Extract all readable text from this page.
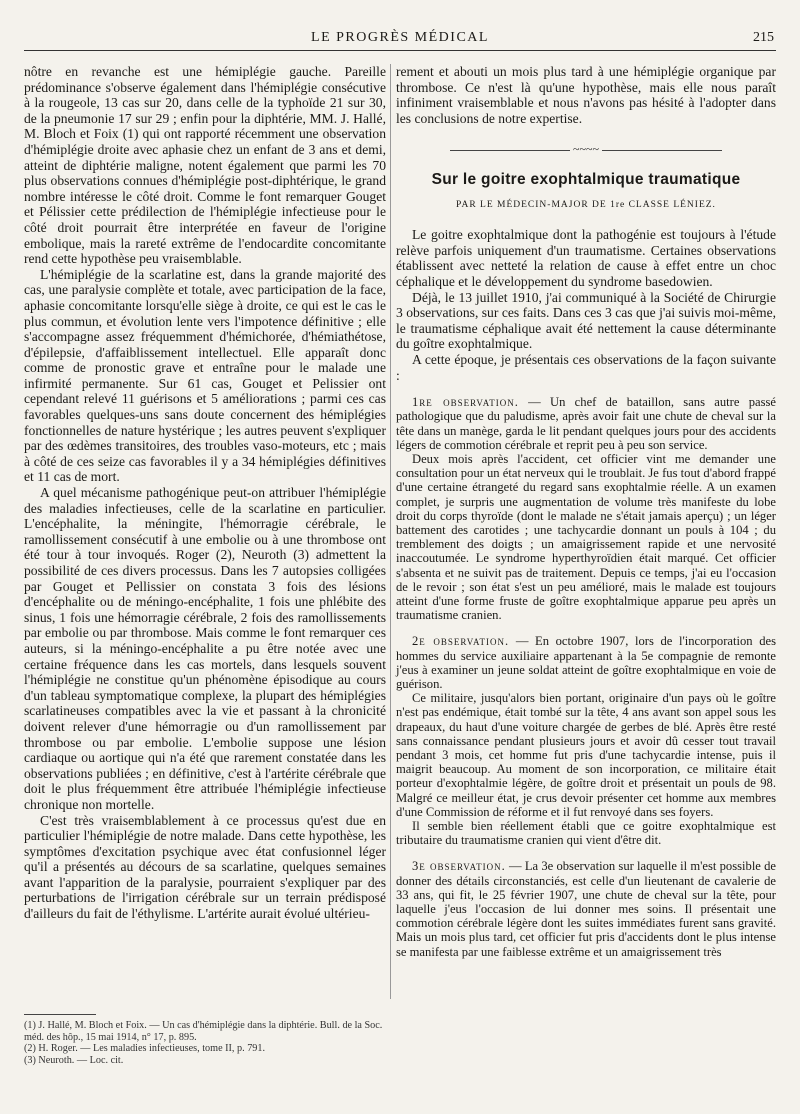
LE PROGRÈS MÉDICAL	215

nôtre en revanche est une hémiplégie gauche. Pareille prédominance s'observe également dans l'hémiplégie consécutive à la rougeole, 13 cas sur 20, dans celle de la typhoïde 21 sur 30, de la pneumonie 17 sur 29 ; enfin pour la diphtérie, MM. J. Hallé, M. Bloch et Foix (1) qui ont rapporté récemment une observation d'hémiplégie droite avec aphasie chez un enfant de 3 ans et demi, atteint de diphtérie maligne, notent également que parmi les 70 plus observations connues d'hémiplégie post-diphtérique, le grand nombre intéresse le côté droit. Comme le font remarquer Gouget et Pélissier cette prédilection de l'hémiplégie infectieuse pour le côté droit pourrait être interprétée en faveur de l'origine embolique, mais la rareté extrême de l'endocardite concomitante rend cette hypothèse peu vraisemblable.

L'hémiplégie de la scarlatine est, dans la grande majorité des cas, une paralysie complète et totale, avec participation de la face, aphasie concomitante lorsqu'elle siège à droite, ce qui est le cas le plus commun, et évolution lente vers l'impotence définitive ; elle s'accompagne assez fréquemment d'hémichorée, d'hémiathétose, d'épilepsie, d'affaiblissement intellectuel. Elle apparaît donc comme de pronostic grave et entraîne pour le malade une infirmité permanente. Sur 61 cas, Gouget et Pelissier ont cependant relevé 11 guérisons et 5 améliorations ; parmi ces cas favorables quelques-uns sans doute concernent des hémiplégies fonctionnelles de nature hystérique ; les autres peuvent s'expliquer par des œdèmes transitoires, des troubles vaso-moteurs, etc ; mais à côté de ces seize cas favorables il y a 34 hémiplégies définitives et 11 cas de mort.

A quel mécanisme pathogénique peut-on attribuer l'hémiplégie des maladies infectieuses, celle de la scarlatine en particulier. L'encéphalite, la méningite, l'hémorragie cérébrale, le ramollissement consécutif à une embolie ou à une thrombose ont été tour à tour invoqués. Roger (2), Neuroth (3) admettent la possibilité de ces divers processus. Dans les 7 autopsies colligées par Gouget et Pellissier on constata 3 fois des lésions d'encéphalite ou de méningo-encéphalite, 1 fois une phlébite des sinus, 1 fois une hémorragie cérébrale, 2 fois des ramollissements par embolie ou par thrombose. Mais comme le font remarquer ces auteurs, si la méningo-encéphalite a pu être notée avec une certaine fréquence dans les cas mortels, dans lesquels souvent l'hémiplégie ne constitue qu'un phénomène épisodique au cours d'un tableau symptomatique complexe, la plupart des hémiplégies scarlatineuses compatibles avec la vie et passant à la chronicité doivent relever d'une hémorragie ou d'un ramollissement par thrombose ou par embolie. L'embolie suppose une lésion cardiaque ou aortique qui n'a été que rarement constatée dans les observations publiées ; en définitive, c'est à l'artérite cérébrale que doit le plus fréquemment être attribuée l'hémiplégie infectieuse chronique non mortelle.

C'est très vraisemblablement à ce processus qu'est due en particulier l'hémiplégie de notre malade. Dans cette hypothèse, les symptômes d'excitation psychique avec état confusionnel léger qu'il a présentés au décours de sa scarlatine, quelques semaines avant l'apparition de la paralysie, pourraient s'expliquer par des perturbations de l'irrigation cérébrale sur un terrain prédisposé d'ailleurs du fait de l'éthylisme. L'artérite aurait évolué ultérieu-

(1) J. Hallé, M. Bloch et Foix. — Un cas d'hémiplégie dans la diphtérie. Bull. de la Soc. méd. des hôp., 15 mai 1914, n° 17, p. 895.
(2) H. Roger. — Les maladies infectieuses, tome II, p. 791.
(3) Neuroth. — Loc. cit.

rement et abouti un mois plus tard à une hémiplégie organique par thrombose. Ce n'est là qu'une hypothèse, mais elle nous paraît infiniment vraisemblable et nous n'avons pas hésité à l'adopter dans les conclusions de notre expertise.

~~~~
Sur le goitre exophtalmique traumatique
PAR LE MÉDECIN-MAJOR DE 1re CLASSE LÉNIEZ.

Le goitre exophtalmique dont la pathogénie est toujours à l'étude relève parfois uniquement d'un traumatisme. Certaines observations établissent avec netteté la relation de cause à effet entre un choc céphalique et le développement du syndrome basedowien.

Déjà, le 13 juillet 1910, j'ai communiqué à la Société de Chirurgie 3 observations, sur ces faits. Dans ces 3 cas que j'ai suivis moi-même, le traumatisme céphalique avait été nettement la cause déterminante du goître exophtalmique.

A cette époque, je présentais ces observations de la façon suivante :

1re observation. — Un chef de bataillon, sans autre passé pathologique que du paludisme, après avoir fait une chute de cheval sur la tête dans un manège, garda le lit pendant quelques jours pour des accidents légers de commotion cérébrale et reprit peu à peu son service.

Deux mois après l'accident, cet officier vint me demander une consultation pour un état nerveux qui le troublait. Je fus tout d'abord frappé d'une certaine étrangeté du regard sans exophtalmie réelle. A un examen complet, je surpris une augmentation de volume très manifeste du lobe droit du corps thyroïde (dont le malade ne s'était jamais aperçu) ; un léger battement des carotides ; une tachycardie donnant un pouls à 104 ; du tremblement des doigts ; un amaigrissement rapide et une nervosité inaccoutumée. Le syndrome hyperthyroïdien était marqué. Cet officier s'absenta et ne suivit pas de traitement. Depuis ce temps, j'ai eu l'occasion de le revoir ; son état s'est un peu amélioré, mais le malade est toujours atteint d'une forme fruste de goître exophtalmique apparue peu après un traumatisme cranien.

2e observation. — En octobre 1907, lors de l'incorporation des hommes du service auxiliaire appartenant à la 5e compagnie de remonte j'eus à examiner un jeune soldat atteint de goître exophtalmique en voie de guérison.

Ce militaire, jusqu'alors bien portant, originaire d'un pays où le goître n'est pas endémique, était tombé sur la tête, 4 ans avant son appel sous les drapeaux, du haut d'une voiture chargée de gerbes de blé. Après être resté sans connaissance pendant plusieurs jours et avoir dû cesser tout travail pendant 3 mois, cet homme fut pris d'une tachycardie intense, puis il maigrit beaucoup. Au moment de son incorporation, ce militaire était porteur d'exophtalmie légère, de goître droit et présentait un pouls de 98. Malgré ce meilleur état, je crus devoir présenter cet homme aux membres d'une Commission de réforme et il fut renvoyé dans ses foyers.

Il semble bien réellement établi que ce goitre exophtalmique est tributaire du traumatisme cranien qui vient d'être dit.

3e observation. — La 3e observation sur laquelle il m'est possible de donner des détails circonstanciés, est celle d'un lieutenant de cavalerie de 33 ans, qui fit, le 25 février 1907, une chute de cheval sur la tête, pour laquelle j'eus l'occasion de lui donner mes soins. Il présentait une commotion cérébrale légère dont les suites immédiates furent sans gravité. Mais un mois plus tard, cet officier fut pris d'accidents dont le plus intense se manifesta par une faiblesse extrême et un amaigrissement très
